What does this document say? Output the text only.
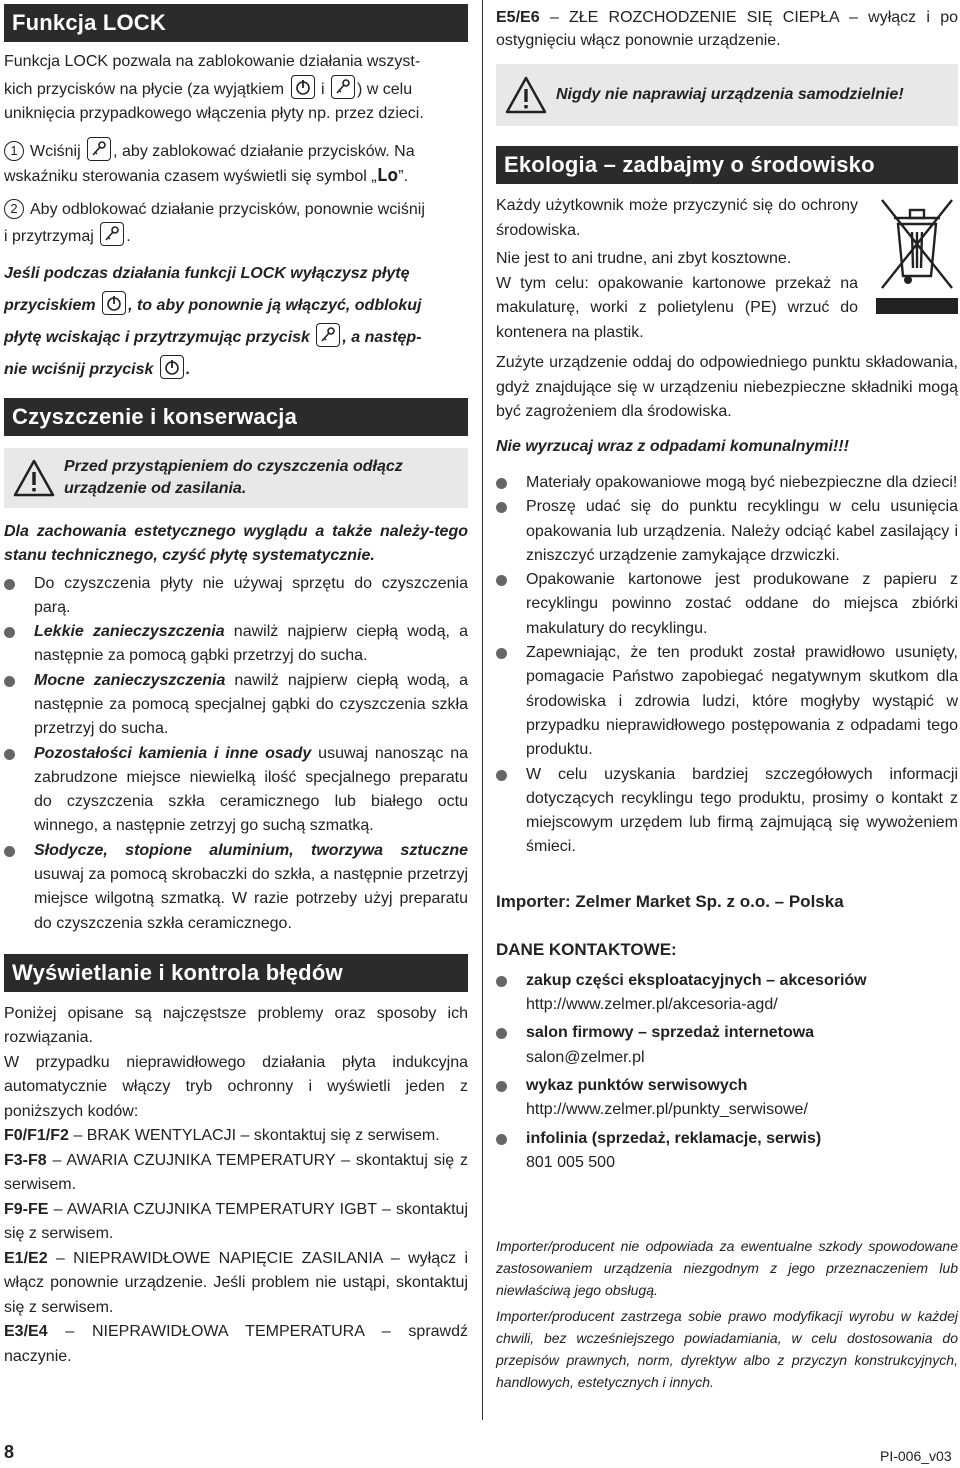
Funkcja LOCK

Funkcja LOCK pozwala na zablokowanie działania wszyst-
kich przycisków na płycie (za wyjątkiem i ) w celu
uniknięcia przypadkowego włączenia płyty np. przez dzieci.

1 Wciśnij , aby zablokować działanie przycisków. Na
wskaźniku sterowania czasem wyświetli się symbol „Lo”.

2 Aby odblokować działanie przycisków, ponownie wciśnij
i przytrzymaj .

Jeśli podczas działania funkcji LOCK wyłączysz płytę
przyciskiem , to aby ponownie ją włączyć, odblokuj
płytę wciskając i przytrzymując przycisk , a następ-
nie wciśnij przycisk .

Czyszczenie i konserwacja
Przed przystąpieniem do czyszczenia odłącz urządzenie od zasilania.

Dla zachowania estetycznego wyglądu a także należy-tego stanu technicznego, czyść płytę systematycznie.

Do czyszczenia płyty nie używaj sprzętu do czyszczenia parą.
Lekkie zanieczyszczenia nawilż najpierw ciepłą wodą, a następnie za pomocą gąbki przetrzyj do sucha.
Mocne zanieczyszczenia nawilż najpierw ciepłą wodą, a następnie za pomocą specjalnej gąbki do czyszczenia szkła przetrzyj do sucha.
Pozostałości kamienia i inne osady usuwaj nanosząc na zabrudzone miejsce niewielką ilość specjalnego preparatu do czyszczenia szkła ceramicznego lub białego octu winnego, a następnie zetrzyj go suchą szmatką.
Słodycze, stopione aluminium, tworzywa sztuczne usuwaj za pomocą skrobaczki do szkła, a następnie przetrzyj miejsce wilgotną szmatką. W razie potrzeby użyj preparatu do czyszczenia szkła ceramicznego.
Wyświetlanie i kontrola błędów

Poniżej opisane są najczęstsze problemy oraz sposoby ich rozwiązania.

W przypadku nieprawidłowego działania płyta indukcyjna automatycznie włączy tryb ochronny i wyświetli jeden z poniższych kodów:

F0/F1/F2 – BRAK WENTYLACJI – skontaktuj się z serwisem.

F3-F8 – AWARIA CZUJNIKA TEMPERATURY – skontaktuj się z serwisem.

F9-FE – AWARIA CZUJNIKA TEMPERATURY IGBT – skontaktuj się z serwisem.

E1/E2 – NIEPRAWIDŁOWE NAPIĘCIE ZASILANIA – wyłącz i włącz ponownie urządzenie. Jeśli problem nie ustąpi, skontaktuj się z serwisem.

E3/E4 – NIEPRAWIDŁOWA TEMPERATURA – sprawdź naczynie.

E5/E6 – ZŁE ROZCHODZENIE SIĘ CIEPŁA – wyłącz i po ostygnięciu włącz ponownie urządzenie.

Nigdy nie naprawiaj urządzenia samodzielnie!
Ekologia – zadbajmy o środowisko

Każdy użytkownik może przyczynić się do ochrony środowiska.

Nie jest to ani trudne, ani zbyt kosztowne.

W tym celu: opakowanie kartonowe przekaż na makulaturę, worki z polietylenu (PE) wrzuć do kontenera na plastik.

Zużyte urządzenie oddaj do odpowiedniego punktu składowania, gdyż znajdujące się w urządzeniu niebezpieczne składniki mogą być zagrożeniem dla środowiska.

Nie wyrzucaj wraz z odpadami komunalnymi!!!

Materiały opakowaniowe mogą być niebezpieczne dla dzieci!
Proszę udać się do punktu recyklingu w celu usunięcia opakowania lub urządzenia. Należy odciąć kabel zasilający i zniszczyć urządzenie zamykające drzwiczki.
Opakowanie kartonowe jest produkowane z papieru z recyklingu powinno zostać oddane do miejsca zbiórki makulatury do recyklingu.
Zapewniając, że ten produkt został prawidłowo usunięty, pomagacie Państwo zapobiegać negatywnym skutkom dla środowiska i zdrowia ludzi, które mogłyby wystąpić w przypadku nieprawidłowego postępowania z odpadami tego produktu.
W celu uzyskania bardziej szczegółowych informacji dotyczących recyklingu tego produktu, prosimy o kontakt z miejscowym urzędem lub firmą zajmującą się wywożeniem śmieci.

Importer: Zelmer Market Sp. z o.o. – Polska

DANE KONTAKTOWE:

zakup części eksploatacyjnych – akcesoriów
http://www.zelmer.pl/akcesoria-agd/
salon firmowy – sprzedaż internetowa
salon@zelmer.pl
wykaz punktów serwisowych
http://www.zelmer.pl/punkty_serwisowe/
infolinia (sprzedaż, reklamacje, serwis)
801 005 500

Importer/producent nie odpowiada za ewentualne szkody spowodowane zastosowaniem urządzenia niezgodnym z jego przeznaczeniem lub niewłaściwą jego obsługą.

Importer/producent zastrzega sobie prawo modyfikacji wyrobu w każdej chwili, bez wcześniejszego powiadamiania, w celu dostosowania do przepisów prawnych, norm, dyrektyw albo z przyczyn konstrukcyjnych, handlowych, estetycznych i innych.

8	PI-006_v03
